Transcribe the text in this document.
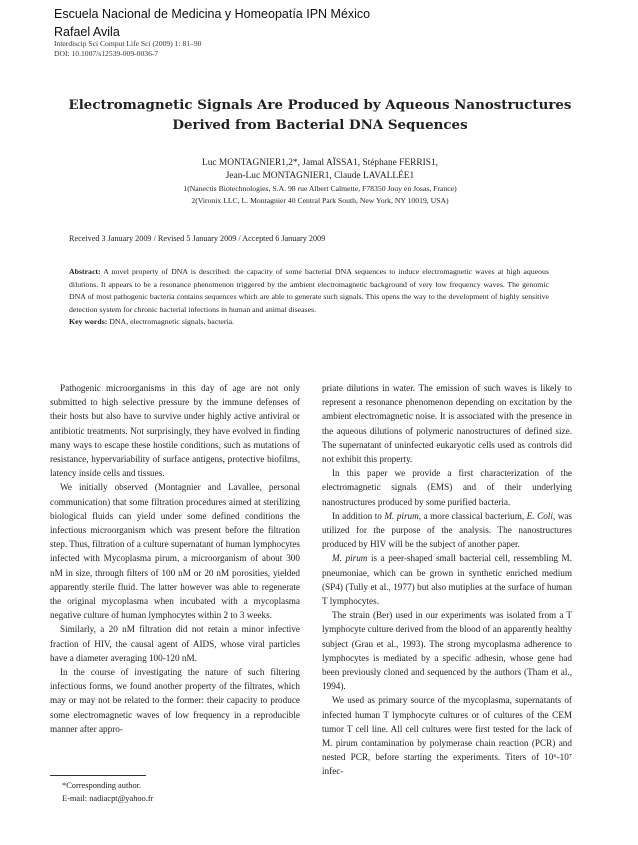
Escuela Nacional de Medicina y Homeopatía IPN México
Rafael Avila
Interdiscip Sci Comput Life Sci (2009) 1: 81–90
DOI: 10.1007/s12539-009-0036-7
Electromagnetic Signals Are Produced by Aqueous Nanostructures
Derived from Bacterial DNA Sequences
Luc MONTAGNIER1,2*, Jamal AÏSSA1, Stéphane FERRIS1,
Jean-Luc MONTAGNIER1, Claude LAVALLÉE1
1(Nanectis Biotechnologies, S.A. 98 rue Albert Calmette, F78350 Jouy en Josas, France)
2(Vironix LLC, L. Montagnier 40 Central Park South, New York, NY 10019, USA)
Received 3 January 2009 / Revised 5 January 2009 / Accepted 6 January 2009
Abstract: A novel property of DNA is described: the capacity of some bacterial DNA sequences to induce electromagnetic waves at high aqueous dilutions. It appears to be a resonance phenomenon triggered by the ambient electromagnetic background of very low frequency waves. The genomic DNA of most pathogenic bacteria contains sequences which are able to generate such signals. This opens the way to the development of highly sensitive detection system for chronic bacterial infections in human and animal diseases.
Key words: DNA, electromagnetic signals, bacteria.

Pathogenic microorganisms in this day of age are not only submitted to high selective pressure by the immune defenses of their hosts but also have to survive under highly active antiviral or antibiotic treatments. Not surprisingly, they have evolved in finding many ways to escape these hostile conditions, such as mutations of resistance, hypervariability of surface antigens, protective biofilms, latency inside cells and tissues.

We initially observed (Montagnier and Lavallee, personal communication) that some filtration procedures aimed at sterilizing biological fluids can yield under some defined conditions the infectious microorganism which was present before the filtration step. Thus, filtration of a culture supernatant of human lymphocytes infected with Mycoplasma pirum, a microorganism of about 300 nM in size, through filters of 100 nM or 20 nM porosities, yielded apparently sterile fluid. The latter however was able to regenerate the original mycoplasma when incubated with a mycoplasma negative culture of human lymphocytes within 2 to 3 weeks.

Similarly, a 20 nM filtration did not retain a minor infective fraction of HIV, the causal agent of AIDS, whose viral particles have a diameter averaging 100-120 nM.

In the course of investigating the nature of such filtering infectious forms, we found another property of the filtrates, which may or may not be related to the former: their capacity to produce some electromagnetic waves of low frequency in a reproducible manner after appro-

priate dilutions in water. The emission of such waves is likely to represent a resonance phenomenon depending on excitation by the ambient electromagnetic noise. It is associated with the presence in the aqueous dilutions of polymeric nanostructures of defined size. The supernatant of uninfected eukaryotic cells used as controls did not exhibit this property.

In this paper we provide a first characterization of the electromagnetic signals (EMS) and of their underlying nanostructures produced by some purified bacteria.

In addition to M. pirum, a more classical bacterium, E. Coli, was utilized for the purpose of the analysis. The nanostructures produced by HIV will be the subject of another paper.

M. pirum is a peer-shaped small bacterial cell, ressembling M. pneumoniae, which can be grown in synthetic enriched medium (SP4) (Tully et al., 1977) but also mutiplies at the surface of human T lymphocytes.

The strain (Ber) used in our experiments was isolated from a T lymphocyte culture derived from the blood of an apparently healthy subject (Grau et al., 1993). The strong mycoplasma adherence to lymphocytes is mediated by a specific adhesin, whose gene had been previously cloned and sequenced by the authors (Tham et al., 1994).

We used as primary source of the mycoplasma, supernatants of infected human T lymphocyte cultures or of cultures of the CEM tumor T cell line. All cell cultures were first tested for the lack of M. pirum contamination by polymerase chain reaction (PCR) and nested PCR, before starting the experiments. Titers of 10⁶-10⁷ infec-

*Corresponding author.
E-mail: nadiacpt@yahoo.fr
